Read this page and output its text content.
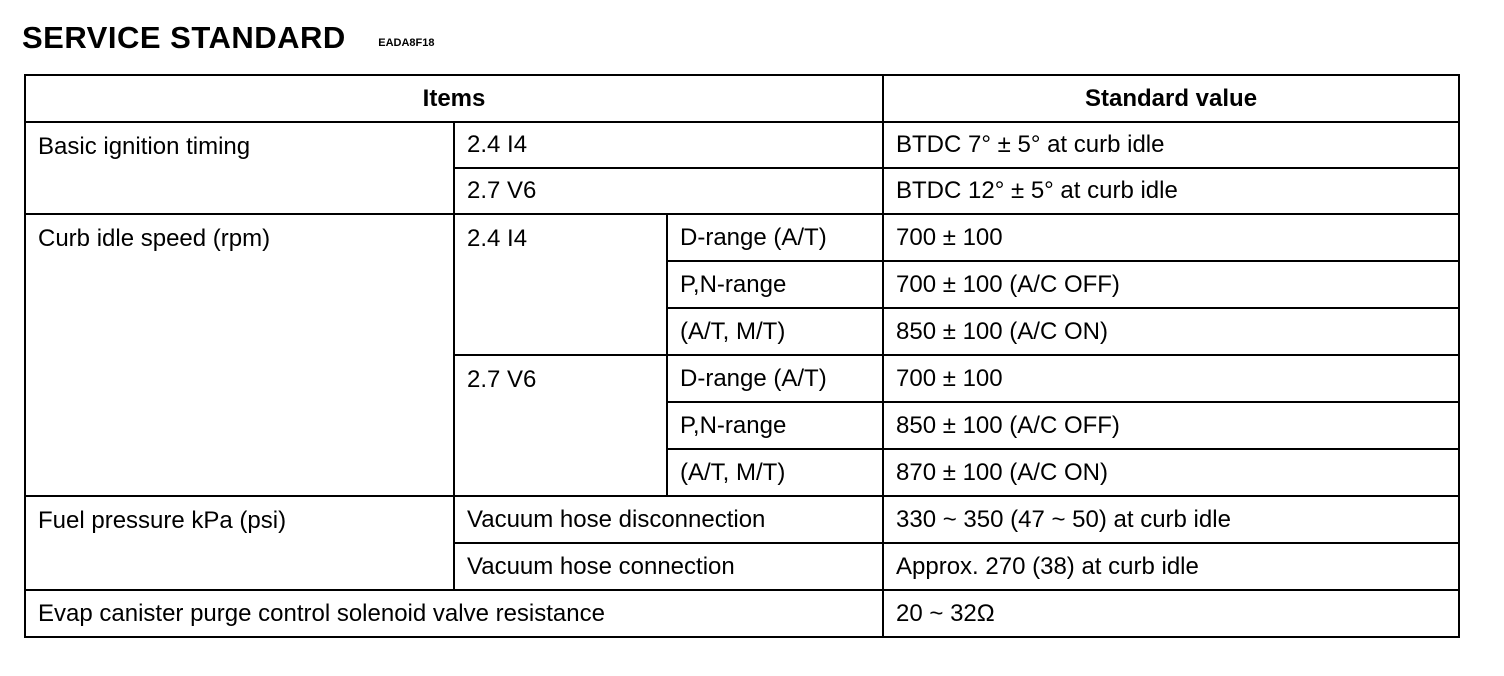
SERVICE STANDARD	EADA8F18
Items			Standard value
Basic ignition timing	2.4 I4		BTDC 7° ± 5° at curb idle
	2.7 V6		BTDC 12° ± 5° at curb idle
Curb idle speed (rpm)	2.4 I4	D-range (A/T)	700 ± 100
		P,N-range	700 ± 100 (A/C OFF)
		(A/T, M/T)	850 ± 100 (A/C ON)
	2.7 V6	D-range (A/T)	700 ± 100
		P,N-range	850 ± 100 (A/C OFF)
		(A/T, M/T)	870 ± 100 (A/C ON)
Fuel pressure kPa (psi)	Vacuum hose disconnection		330 ~ 350 (47 ~ 50) at curb idle
	Vacuum hose connection		Approx. 270 (38) at curb idle
Evap canister purge control solenoid valve resistance			20 ~ 32Ω
